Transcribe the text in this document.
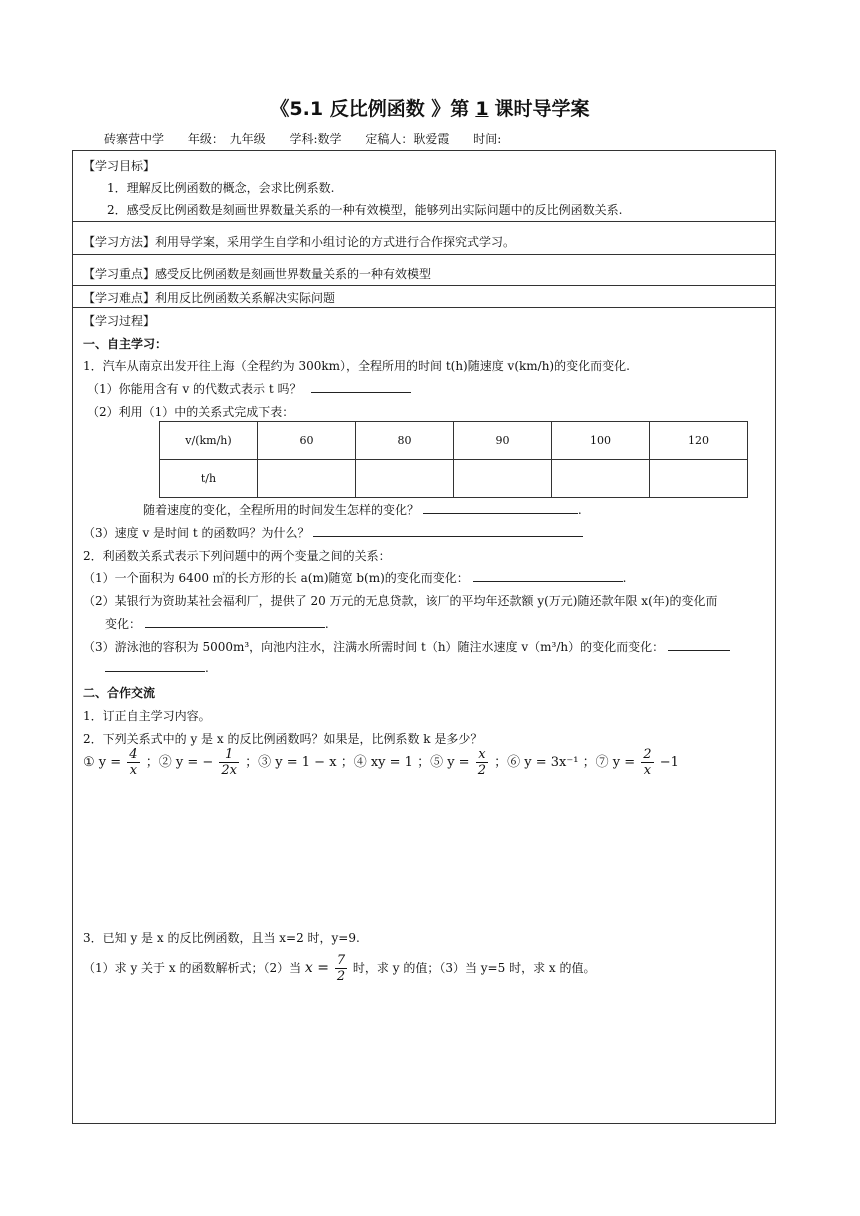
《5.1 反比例函数 》第 1 课时导学案
砖寨营中学 年级： 九年级 学科:数学 定稿人：耿爱霞 时间:
【学习目标】
1．理解反比例函数的概念，会求比例系数.
2．感受反比例函数是刻画世界数量关系的一种有效模型，能够列出实际问题中的反比例函数关系.
【学习方法】利用导学案，采用学生自学和小组讨论的方式进行合作探究式学习。
【学习重点】感受反比例函数是刻画世界数量关系的一种有效模型
【学习难点】利用反比例函数关系解决实际问题
【学习过程】
一、自主学习：
1．汽车从南京出发开往上海（全程约为 300km），全程所用的时间 t(h)随速度 v(km/h)的变化而变化.
（1）你能用含有 v 的代数式表示 t 吗？
（2）利用（1）中的关系式完成下表：
v/(km/h)	60	80	90	100	120
t/h					
随着速度的变化，全程所用的时间发生怎样的变化？	.
（3）速度 v 是时间 t 的函数吗？为什么？
2．利函数关系式表示下列问题中的两个变量之间的关系：
（1）一个面积为 6400 ㎡的长方形的长 a(m)随宽 b(m)的变化而变化：	.
（2）某银行为资助某社会福利厂，提供了 20 万元的无息贷款，该厂的平均年还款额 y(万元)随还款年限 x(年)的变化而
变化：	.
（3）游泳池的容积为 5000m³，向池内注水，注满水所需时间 t（h）随注水速度 v（m³/h）的变化而变化：
.
二、合作交流
1．订正自主学习内容。
2．下列关系式中的 y 是 x 的反比例函数吗？如果是，比例系数 k 是多少？
① $y = \frac{4}{x}$ ；② y = − $\frac{1}{2x}$ ；③ y = 1 − x ；④ xy = 1 ；⑤ $y = \frac{x}{2}$ ；⑥ y = 3x⁻¹ ；⑦ $y = \frac{2}{x} -1$
3．已知 y 是 x 的反比例函数，且当 x=2 时，y=9.
（1）求 y 关于 x 的函数解析式；（2）当 $x = \frac{7}{2}$ 时，求 y 的值；（3）当 y=5 时，求 x 的值。
